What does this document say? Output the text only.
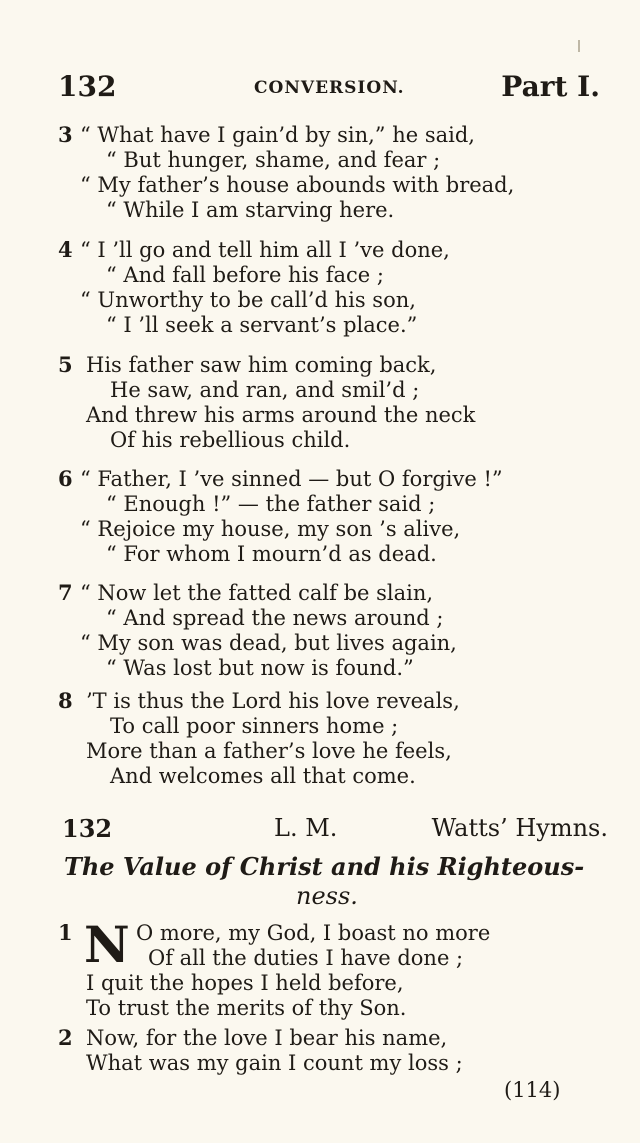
132	CONVERSION.	Part I.
3 “ What have I gain’d by sin,” he said,
“ But hunger, shame, and fear ;
“ My father’s house abounds with bread,
“ While I am starving here.
4 “ I ’ll go and tell him all I ’ve done,
“ And fall before his face ;
“ Unworthy to be call’d his son,
“ I ’ll seek a servant’s place.”
5 His father saw him coming back,
He saw, and ran, and smil’d ;
And threw his arms around the neck
Of his rebellious child.
6 “ Father, I ’ve sinned — but O forgive !”
“ Enough !” — the father said ;
“ Rejoice my house, my son ’s alive,
“ For whom I mourn’d as dead.
7 “ Now let the fatted calf be slain,
“ And spread the news around ;
“ My son was dead, but lives again,
“ Was lost but now is found.”
8 ’T is thus the Lord his love reveals,
To call poor sinners home ;
More than a father’s love he feels,
And welcomes all that come.
132	L. M.	Watts’ Hymns.
The Value of Christ and his Righteous-
ness.
1 N O more, my God, I boast no more
Of all the duties I have done ;
I quit the hopes I held before,
To trust the merits of thy Son.
2 Now, for the love I bear his name,
What was my gain I count my loss ;
(114)
